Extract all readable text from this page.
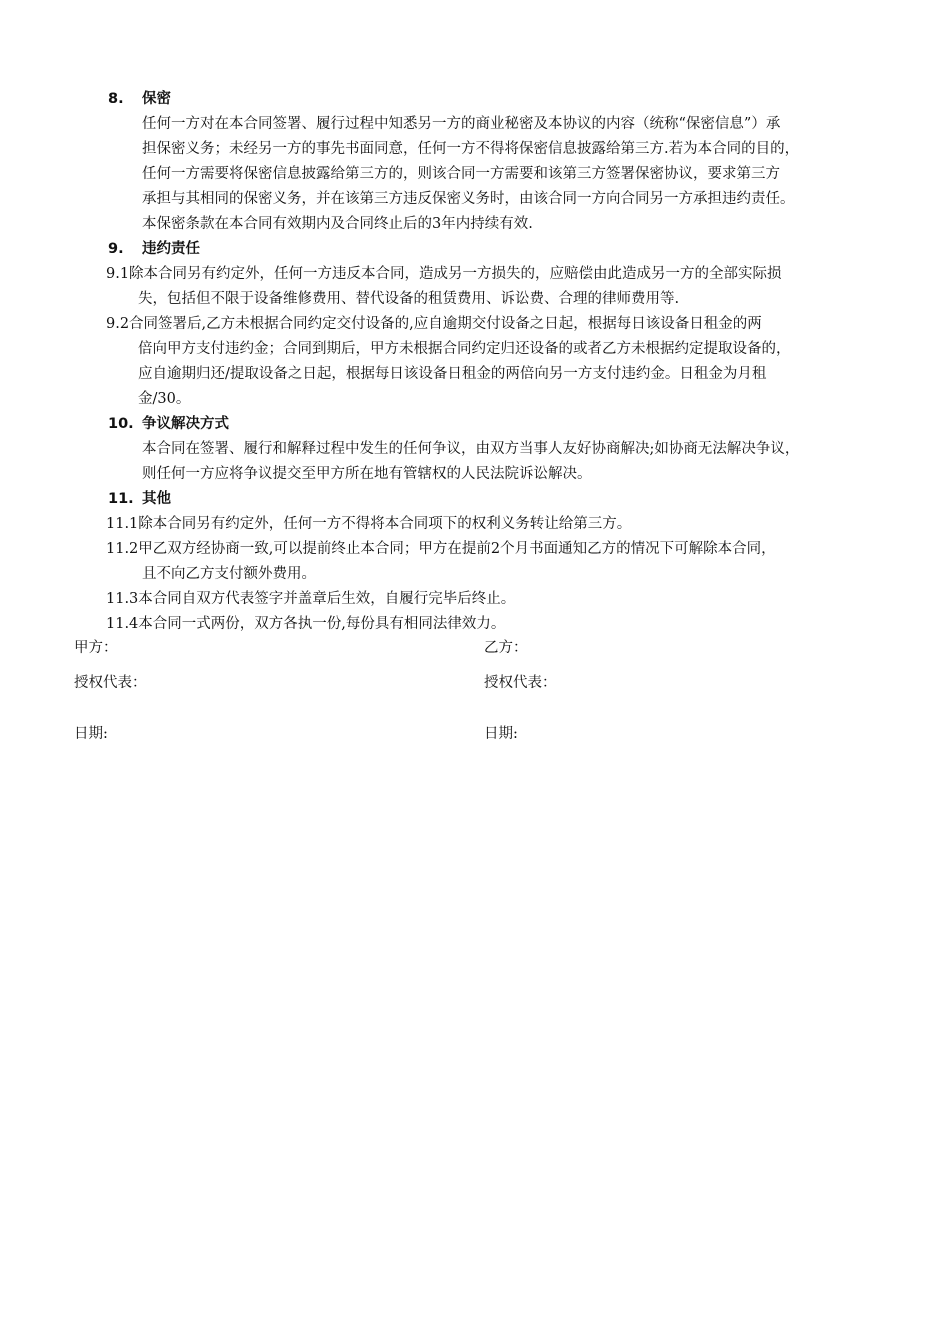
8. 保密
任何一方对在本合同签署、履行过程中知悉另一方的商业秘密及本协议的内容（统称“保密信息”）承
担保密义务；未经另一方的事先书面同意，任何一方不得将保密信息披露给第三方.若为本合同的目的，
任何一方需要将保密信息披露给第三方的，则该合同一方需要和该第三方签署保密协议，要求第三方
承担与其相同的保密义务，并在该第三方违反保密义务时，由该合同一方向合同另一方承担违约责任。
本保密条款在本合同有效期内及合同终止后的3年内持续有效.
9. 违约责任
9.1除本合同另有约定外，任何一方违反本合同，造成另一方损失的，应赔偿由此造成另一方的全部实际损
失，包括但不限于设备维修费用、替代设备的租赁费用、诉讼费、合理的律师费用等.
9.2合同签署后,乙方未根据合同约定交付设备的,应自逾期交付设备之日起，根据每日该设备日租金的两
倍向甲方支付违约金；合同到期后，甲方未根据合同约定归还设备的或者乙方未根据约定提取设备的，
应自逾期归还/提取设备之日起，根据每日该设备日租金的两倍向另一方支付违约金。日租金为月租
金/30。
10. 争议解决方式
本合同在签署、履行和解释过程中发生的任何争议，由双方当事人友好协商解决;如协商无法解决争议，
则任何一方应将争议提交至甲方所在地有管辖权的人民法院诉讼解决。
11. 其他
11.1除本合同另有约定外，任何一方不得将本合同项下的权利义务转让给第三方。
11.2甲乙双方经协商一致,可以提前终止本合同；甲方在提前2个月书面通知乙方的情况下可解除本合同，
且不向乙方支付额外费用。
11.3本合同自双方代表签字并盖章后生效，自履行完毕后终止。
11.4本合同一式两份，双方各执一份,每份具有相同法律效力。
甲方：	乙方：
授权代表：	授权代表：
日期:	日期:
